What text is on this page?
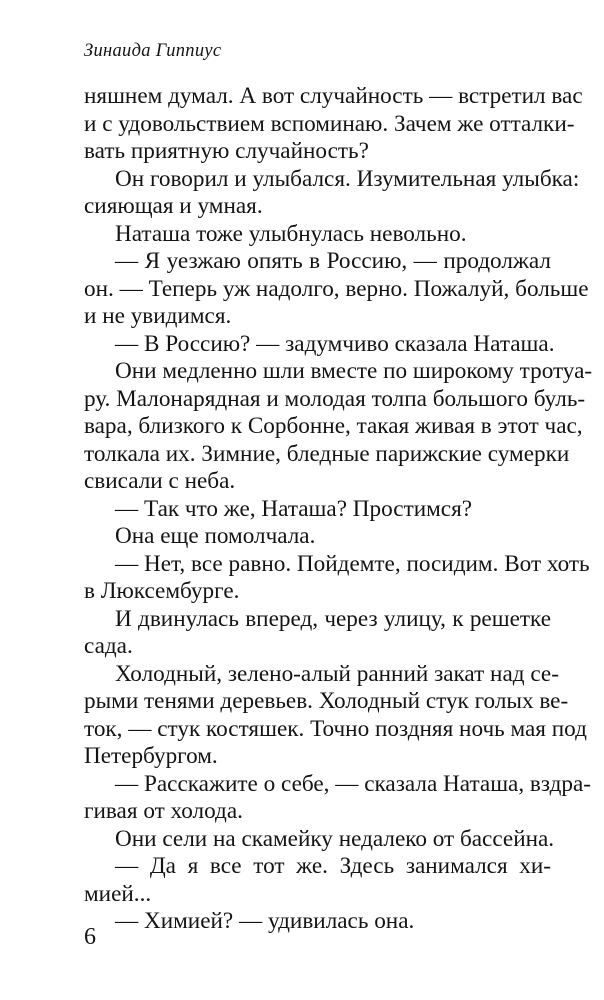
Зинаида Гиппиус
няшнем думал. А вот случайность — встретил вас
и с удовольствием вспоминаю. Зачем же отталки-
вать приятную случайность?
Он говорил и улыбался. Изумительная улыбка:
сияющая и умная.
Наташа тоже улыбнулась невольно.
— Я уезжаю опять в Россию, — продолжал
он. — Теперь уж надолго, верно. Пожалуй, больше
и не увидимся.
— В Россию? — задумчиво сказала Наташа.
Они медленно шли вместе по широкому тротуа-
ру. Малонарядная и молодая толпа большого буль-
вара, близкого к Сорбонне, такая живая в этот час,
толкала их. Зимние, бледные парижские сумерки
свисали с неба.
— Так что же, Наташа? Простимся?
Она еще помолчала.
— Нет, все равно. Пойдемте, посидим. Вот хоть
в Люксембурге.
И двинулась вперед, через улицу, к решетке
сада.
Холодный, зелено-алый ранний закат над се-
рыми тенями деревьев. Холодный стук голых ве-
ток, — стук костяшек. Точно поздняя ночь мая под
Петербургом.
— Расскажите о себе, — сказала Наташа, вздра-
гивая от холода.
Они сели на скамейку недалеко от бассейна.
— Да я все тот же. Здесь занимался хи-
мией...
— Химией? — удивилась она.
6
